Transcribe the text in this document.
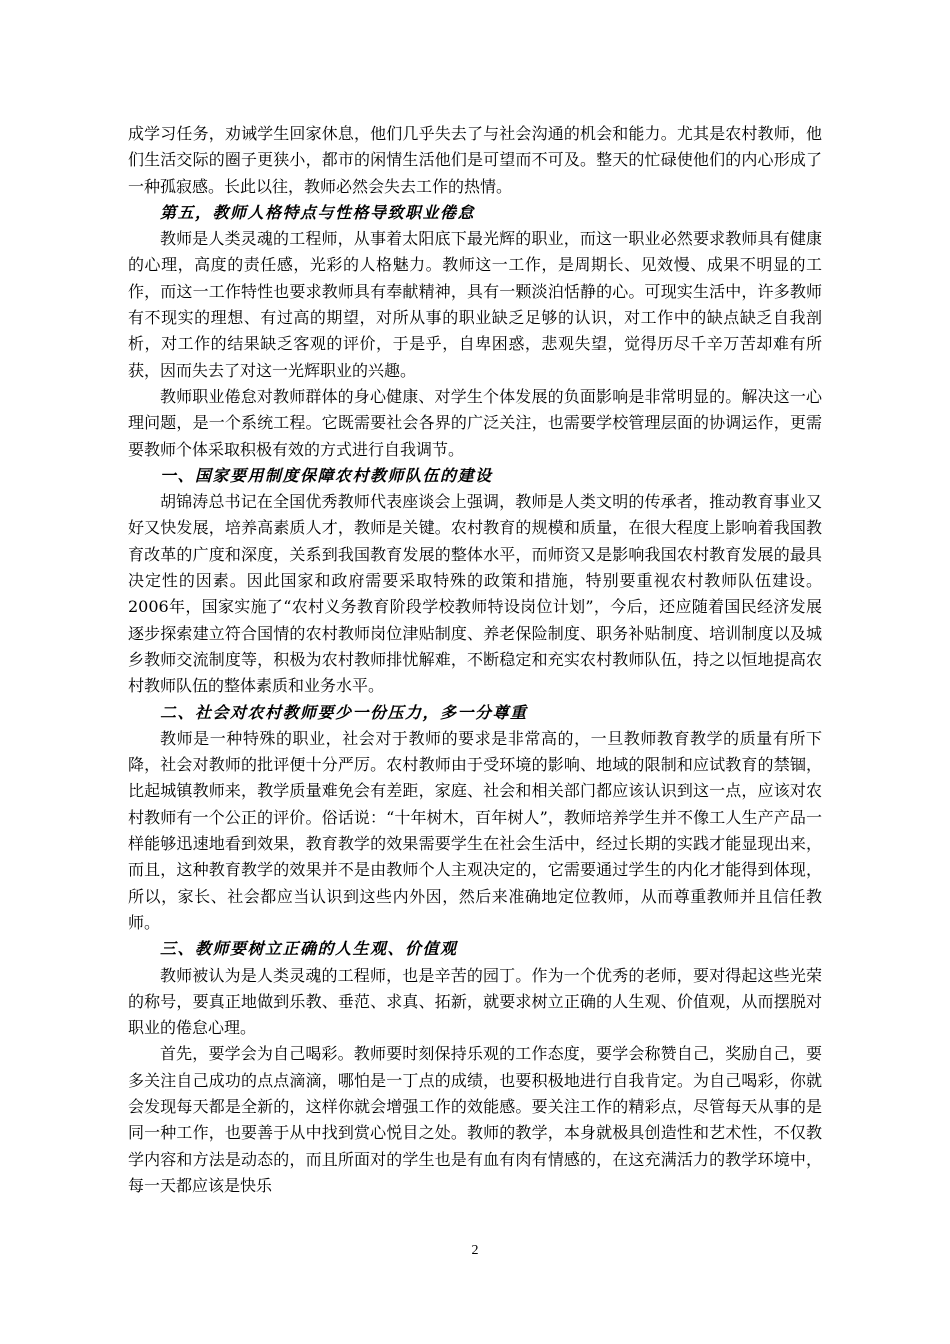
成学习任务，劝诫学生回家休息，他们几乎失去了与社会沟通的机会和能力。尤其是农村教师，他们生活交际的圈子更狭小，都市的闲情生活他们是可望而不可及。整天的忙碌使他们的内心形成了一种孤寂感。长此以往，教师必然会失去工作的热情。

第五，教师人格特点与性格导致职业倦怠

教师是人类灵魂的工程师，从事着太阳底下最光辉的职业，而这一职业必然要求教师具有健康的心理，高度的责任感，光彩的人格魅力。教师这一工作，是周期长、见效慢、成果不明显的工作，而这一工作特性也要求教师具有奉献精神，具有一颗淡泊恬静的心。可现实生活中，许多教师有不现实的理想、有过高的期望，对所从事的职业缺乏足够的认识，对工作中的缺点缺乏自我剖析，对工作的结果缺乏客观的评价，于是乎，自卑困惑，悲观失望，觉得历尽千辛万苦却难有所获，因而失去了对这一光辉职业的兴趣。

教师职业倦怠对教师群体的身心健康、对学生个体发展的负面影响是非常明显的。解决这一心理问题，是一个系统工程。它既需要社会各界的广泛关注，也需要学校管理层面的协调运作，更需要教师个体采取积极有效的方式进行自我调节。

一、国家要用制度保障农村教师队伍的建设

胡锦涛总书记在全国优秀教师代表座谈会上强调，教师是人类文明的传承者，推动教育事业又好又快发展，培养高素质人才，教师是关键。农村教育的规模和质量，在很大程度上影响着我国教育改革的广度和深度，关系到我国教育发展的整体水平，而师资又是影响我国农村教育发展的最具决定性的因素。因此国家和政府需要采取特殊的政策和措施，特别要重视农村教师队伍建设。2006年，国家实施了“农村义务教育阶段学校教师特设岗位计划”，今后，还应随着国民经济发展逐步探索建立符合国情的农村教师岗位津贴制度、养老保险制度、职务补贴制度、培训制度以及城乡教师交流制度等，积极为农村教师排忧解难，不断稳定和充实农村教师队伍，持之以恒地提高农村教师队伍的整体素质和业务水平。

二、社会对农村教师要少一份压力，多一分尊重

教师是一种特殊的职业，社会对于教师的要求是非常高的，一旦教师教育教学的质量有所下降，社会对教师的批评便十分严厉。农村教师由于受环境的影响、地域的限制和应试教育的禁锢，比起城镇教师来，教学质量难免会有差距，家庭、社会和相关部门都应该认识到这一点，应该对农村教师有一个公正的评价。俗话说：“十年树木，百年树人”，教师培养学生并不像工人生产产品一样能够迅速地看到效果，教育教学的效果需要学生在社会生活中，经过长期的实践才能显现出来，而且，这种教育教学的效果并不是由教师个人主观决定的，它需要通过学生的内化才能得到体现，所以，家长、社会都应当认识到这些内外因，然后来准确地定位教师，从而尊重教师并且信任教师。

三、教师要树立正确的人生观、价值观

教师被认为是人类灵魂的工程师，也是辛苦的园丁。作为一个优秀的老师，要对得起这些光荣的称号，要真正地做到乐教、垂范、求真、拓新，就要求树立正确的人生观、价值观，从而摆脱对职业的倦怠心理。

首先，要学会为自己喝彩。教师要时刻保持乐观的工作态度，要学会称赞自己，奖励自己，要多关注自己成功的点点滴滴，哪怕是一丁点的成绩，也要积极地进行自我肯定。为自己喝彩，你就会发现每天都是全新的，这样你就会增强工作的效能感。要关注工作的精彩点，尽管每天从事的是同一种工作，也要善于从中找到赏心悦目之处。教师的教学，本身就极具创造性和艺术性，不仅教学内容和方法是动态的，而且所面对的学生也是有血有肉有情感的，在这充满活力的教学环境中，每一天都应该是快乐

2
